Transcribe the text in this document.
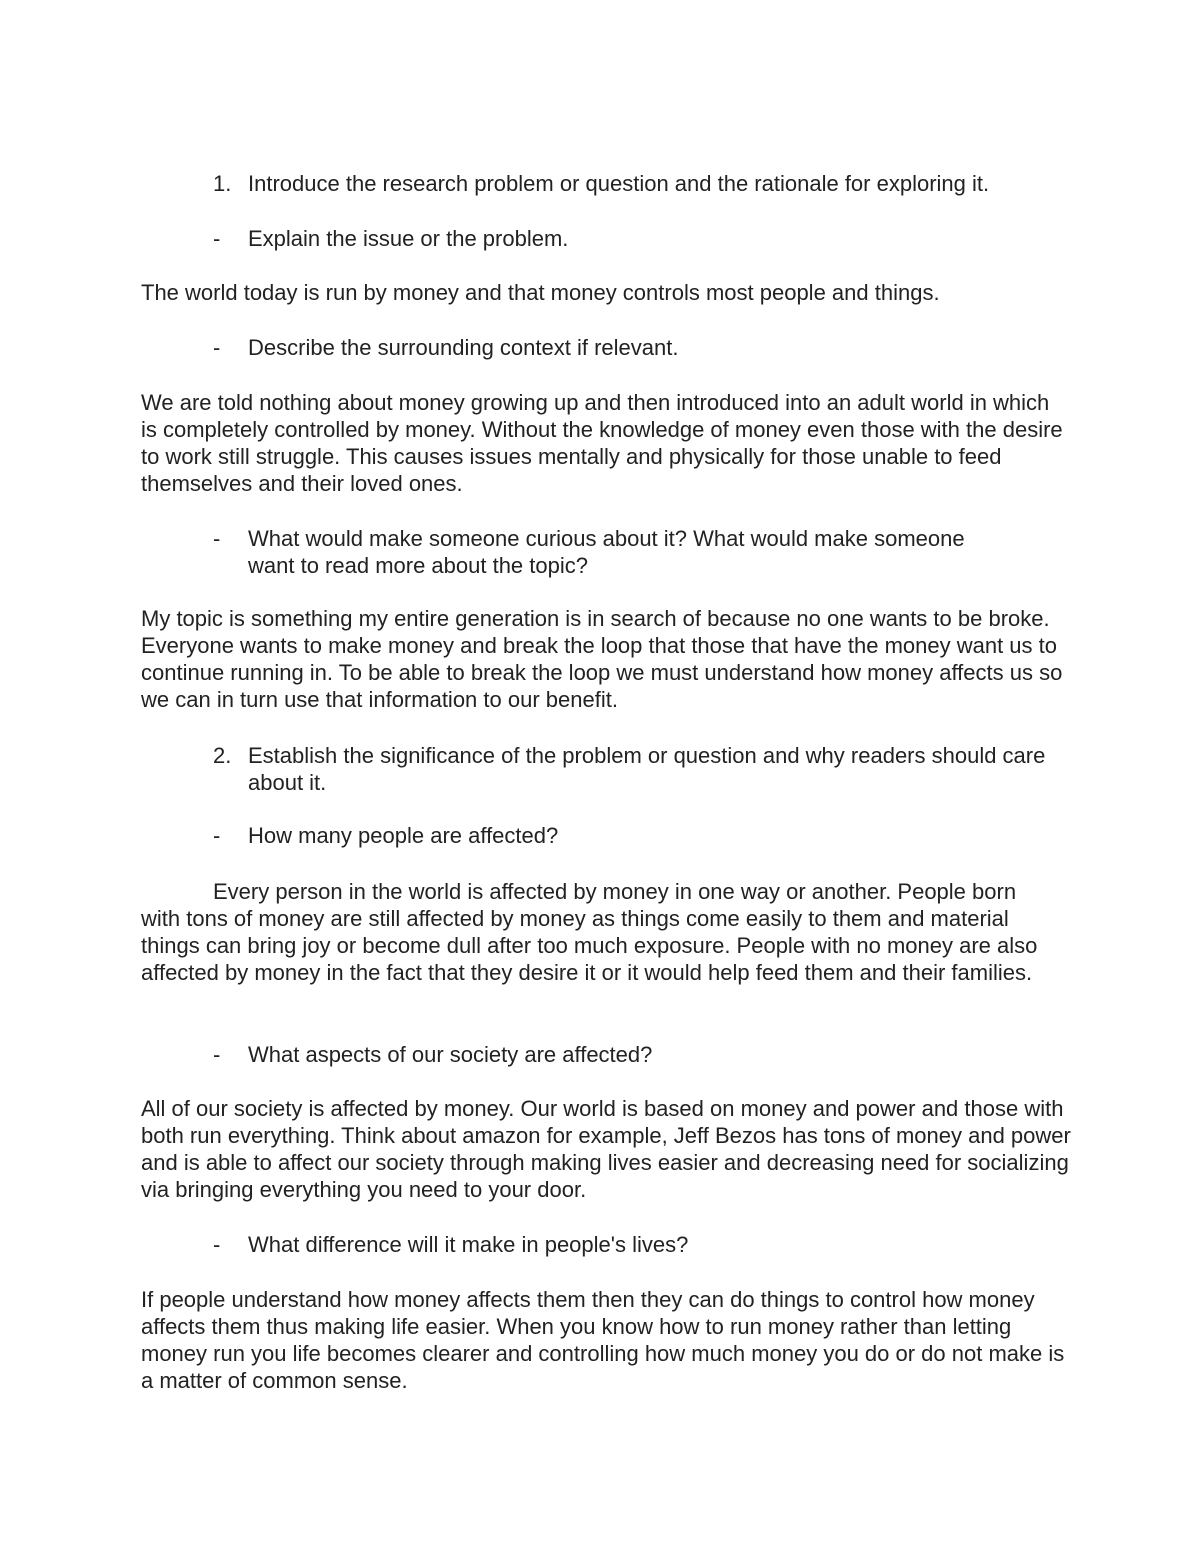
1. Introduce the research problem or question and the rationale for exploring it.
-	Explain the issue or the problem.

The world today is run by money and that money controls most people and things.

-	Describe the surrounding context if relevant.

We are told nothing about money growing up and then introduced into an adult world in which is completely controlled by money. Without the knowledge of money even those with the desire to work still struggle. This causes issues mentally and physically for those unable to feed themselves and their loved ones.

-	What would make someone curious about it? What would make someone want to read more about the topic?

My topic is something my entire generation is in search of because no one wants to be broke. Everyone wants to make money and break the loop that those that have the money want us to continue running in. To be able to break the loop we must understand how money affects us so we can in turn use that information to our benefit.

2. Establish the significance of the problem or question and why readers should care about it.
-	How many people are affected?

Every person in the world is affected by money in one way or another. People born with tons of money are still affected by money as things come easily to them and material things can bring joy or become dull after too much exposure. People with no money are also affected by money in the fact that they desire it or it would help feed them and their families.

-	What aspects of our society are affected?

All of our society is affected by money. Our world is based on money and power and those with both run everything. Think about amazon for example, Jeff Bezos has tons of money and power and is able to affect our society through making lives easier and decreasing need for socializing via bringing everything you need to your door.

-	What difference will it make in people's lives?

If people understand how money affects them then they can do things to control how money affects them thus making life easier. When you know how to run money rather than letting money run you life becomes clearer and controlling how much money you do or do not make is a matter of common sense.
